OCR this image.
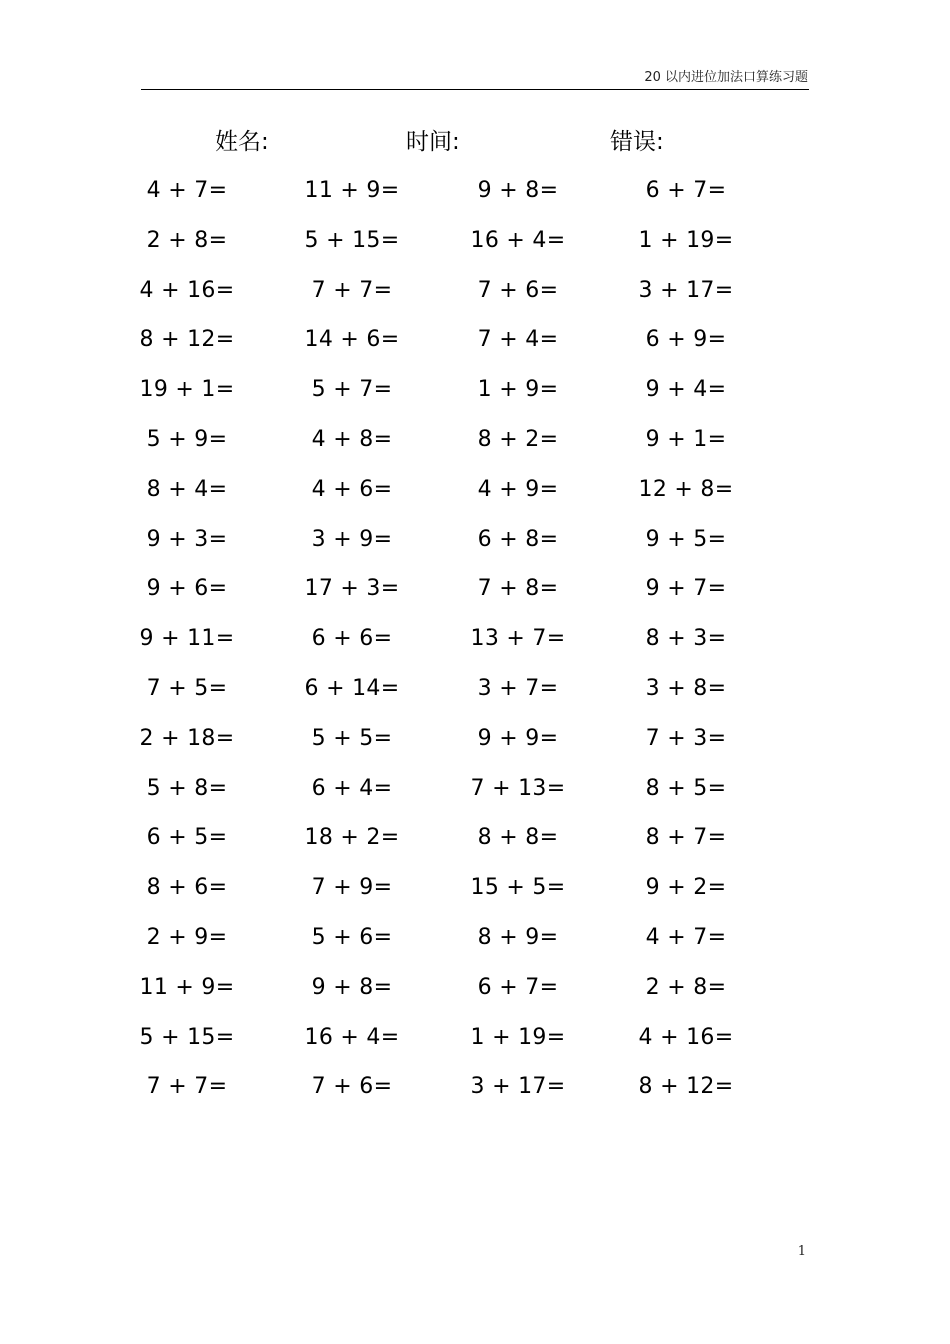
20 以内进位加法口算练习题
姓名:	时间:	错误:
4 + 7=	11 + 9=	9 + 8=	6 + 7=
2 + 8=	5 + 15=	16 + 4=	1 + 19=
4 + 16=	7 + 7=	7 + 6=	3 + 17=
8 + 12=	14 + 6=	7 + 4=	6 + 9=
19 + 1=	5 + 7=	1 + 9=	9 + 4=
5 + 9=	4 + 8=	8 + 2=	9 + 1=
8 + 4=	4 + 6=	4 + 9=	12 + 8=
9 + 3=	3 + 9=	6 + 8=	9 + 5=
9 + 6=	17 + 3=	7 + 8=	9 + 7=
9 + 11=	6 + 6=	13 + 7=	8 + 3=
7 + 5=	6 + 14=	3 + 7=	3 + 8=
2 + 18=	5 + 5=	9 + 9=	7 + 3=
5 + 8=	6 + 4=	7 + 13=	8 + 5=
6 + 5=	18 + 2=	8 + 8=	8 + 7=
8 + 6=	7 + 9=	15 + 5=	9 + 2=
2 + 9=	5 + 6=	8 + 9=	4 + 7=
11 + 9=	9 + 8=	6 + 7=	2 + 8=
5 + 15=	16 + 4=	1 + 19=	4 + 16=
7 + 7=	7 + 6=	3 + 17=	8 + 12=
1
